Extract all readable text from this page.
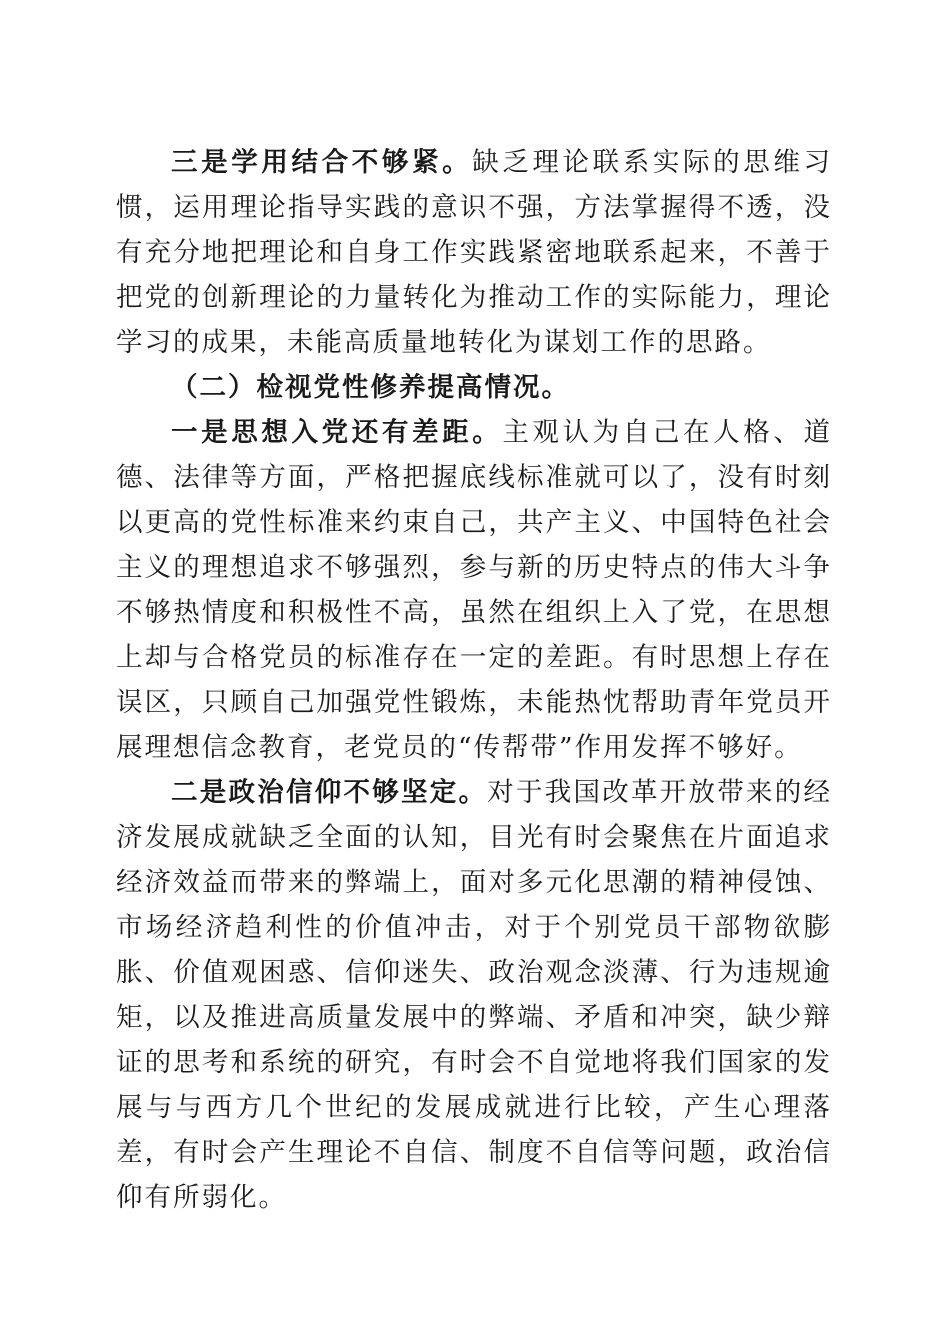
三是学用结合不够紧。缺乏理论联系实际的思维习惯，运用理论指导实践的意识不强，方法掌握得不透，没有充分地把理论和自身工作实践紧密地联系起来，不善于把党的创新理论的力量转化为推动工作的实际能力，理论学习的成果，未能高质量地转化为谋划工作的思路。

（二）检视党性修养提高情况。

一是思想入党还有差距。主观认为自己在人格、道德、法律等方面，严格把握底线标准就可以了，没有时刻以更高的党性标准来约束自己，共产主义、中国特色社会主义的理想追求不够强烈，参与新的历史特点的伟大斗争不够热情度和积极性不高，虽然在组织上入了党，在思想上却与合格党员的标准存在一定的差距。有时思想上存在误区，只顾自己加强党性锻炼，未能热忱帮助青年党员开展理想信念教育，老党员的“传帮带”作用发挥不够好。

二是政治信仰不够坚定。对于我国改革开放带来的经济发展成就缺乏全面的认知，目光有时会聚焦在片面追求经济效益而带来的弊端上，面对多元化思潮的精神侵蚀、市场经济趋利性的价值冲击，对于个别党员干部物欲膨胀、价值观困惑、信仰迷失、政治观念淡薄、行为违规逾矩，以及推进高质量发展中的弊端、矛盾和冲突，缺少辩证的思考和系统的研究，有时会不自觉地将我们国家的发展与与西方几个世纪的发展成就进行比较，产生心理落差，有时会产生理论不自信、制度不自信等问题，政治信仰有所弱化。
